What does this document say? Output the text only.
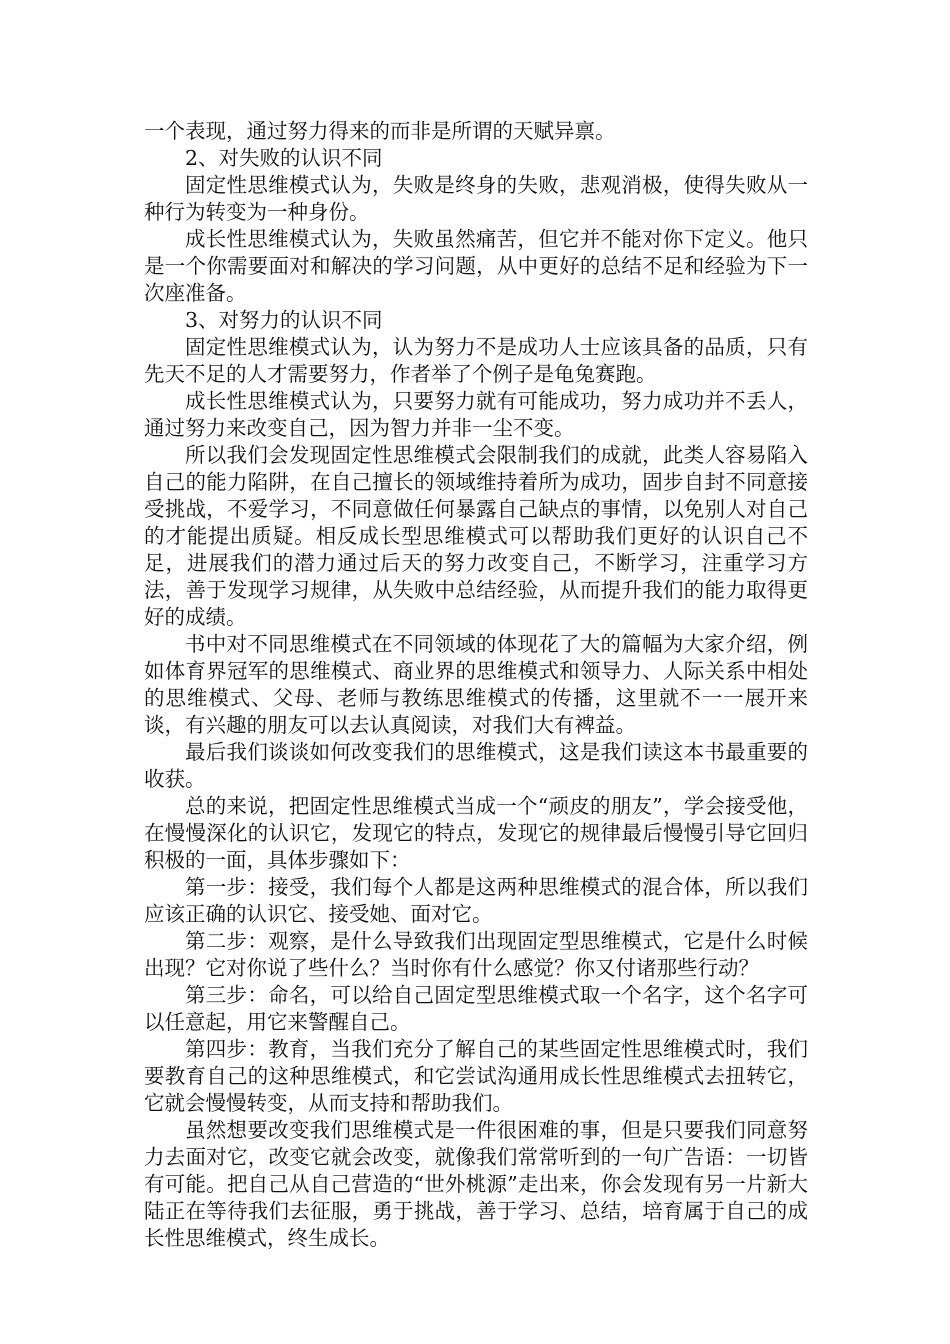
一个表现，通过努力得来的而非是所谓的天赋异禀。

2、对失败的认识不同

固定性思维模式认为，失败是终身的失败，悲观消极，使得失败从一种行为转变为一种身份。

成长性思维模式认为，失败虽然痛苦，但它并不能对你下定义。他只是一个你需要面对和解决的学习问题，从中更好的总结不足和经验为下一次座准备。

3、对努力的认识不同

固定性思维模式认为，认为努力不是成功人士应该具备的品质，只有先天不足的人才需要努力，作者举了个例子是龟兔赛跑。

成长性思维模式认为，只要努力就有可能成功，努力成功并不丢人，通过努力来改变自己，因为智力并非一尘不变。

所以我们会发现固定性思维模式会限制我们的成就，此类人容易陷入自己的能力陷阱，在自己擅长的领域维持着所为成功，固步自封不同意接受挑战，不爱学习，不同意做任何暴露自己缺点的事情，以免别人对自己的才能提出质疑。相反成长型思维模式可以帮助我们更好的认识自己不足，进展我们的潜力通过后天的努力改变自己，不断学习，注重学习方法，善于发现学习规律，从失败中总结经验，从而提升我们的能力取得更好的成绩。

书中对不同思维模式在不同领域的体现花了大的篇幅为大家介绍，例如体育界冠军的思维模式、商业界的思维模式和领导力、人际关系中相处的思维模式、父母、老师与教练思维模式的传播，这里就不一一展开来谈，有兴趣的朋友可以去认真阅读，对我们大有裨益。

最后我们谈谈如何改变我们的思维模式，这是我们读这本书最重要的收获。

总的来说，把固定性思维模式当成一个“顽皮的朋友”，学会接受他，在慢慢深化的认识它，发现它的特点，发现它的规律最后慢慢引导它回归积极的一面，具体步骤如下：

第一步：接受，我们每个人都是这两种思维模式的混合体，所以我们应该正确的认识它、接受她、面对它。

第二步：观察，是什么导致我们出现固定型思维模式，它是什么时候出现？它对你说了些什么？当时你有什么感觉？你又付诸那些行动？

第三步：命名，可以给自己固定型思维模式取一个名字，这个名字可以任意起，用它来警醒自己。

第四步：教育，当我们充分了解自己的某些固定性思维模式时，我们要教育自己的这种思维模式，和它尝试沟通用成长性思维模式去扭转它，它就会慢慢转变，从而支持和帮助我们。

虽然想要改变我们思维模式是一件很困难的事，但是只要我们同意努力去面对它，改变它就会改变，就像我们常常听到的一句广告语：一切皆有可能。把自己从自己营造的“世外桃源”走出来，你会发现有另一片新大陆正在等待我们去征服，勇于挑战，善于学习、总结，培育属于自己的成长性思维模式，终生成长。
